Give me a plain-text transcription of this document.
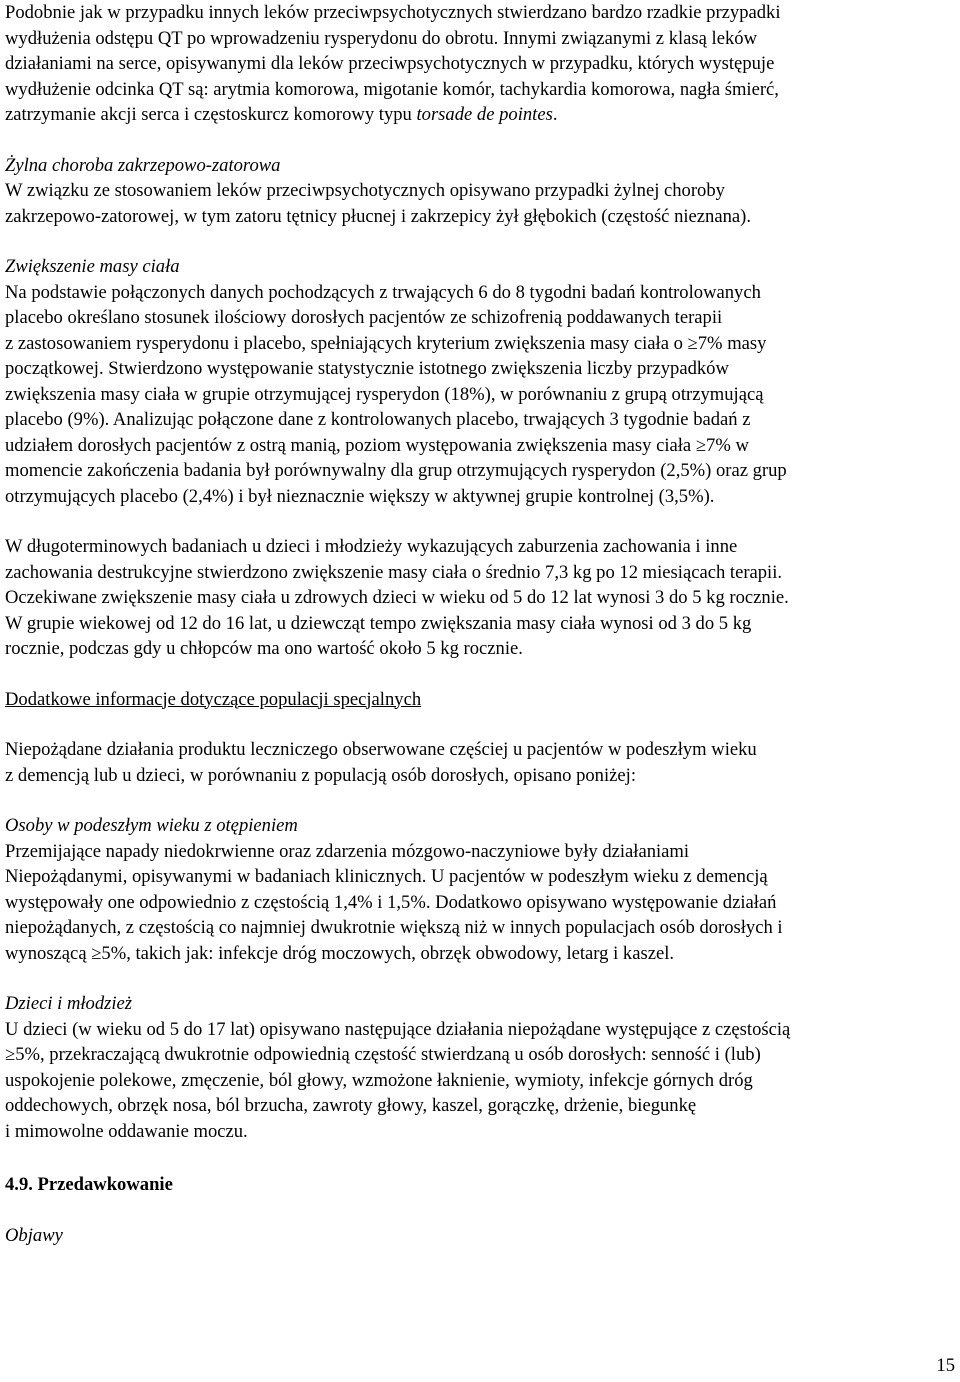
Podobnie jak w przypadku innych leków przeciwpsychotycznych stwierdzano bardzo rzadkie przypadki
wydłużenia odstępu QT po wprowadzeniu rysperydonu do obrotu. Innymi związanymi z klasą leków
działaniami na serce, opisywanymi dla leków przeciwpsychotycznych w przypadku, których występuje
wydłużenie odcinka QT są: arytmia komorowa, migotanie komór, tachykardia komorowa, nagła śmierć,
zatrzymanie akcji serca i częstoskurcz komorowy typu torsade de pointes.

Żylna choroba zakrzepowo-zatorowa

W związku ze stosowaniem leków przeciwpsychotycznych opisywano przypadki żylnej choroby
zakrzepowo-zatorowej, w tym zatoru tętnicy płucnej i zakrzepicy żył głębokich (częstość nieznana).

Zwiększenie masy ciała

Na podstawie połączonych danych pochodzących z trwających 6 do 8 tygodni badań kontrolowanych
placebo określano stosunek ilościowy dorosłych pacjentów ze schizofrenią poddawanych terapii
z zastosowaniem rysperydonu i placebo, spełniających kryterium zwiększenia masy ciała o ≥7% masy
początkowej. Stwierdzono występowanie statystycznie istotnego zwiększenia liczby przypadków
zwiększenia masy ciała w grupie otrzymującej rysperydon (18%), w porównaniu z grupą otrzymującą
placebo (9%). Analizując połączone dane z kontrolowanych placebo, trwających 3 tygodnie badań z
udziałem dorosłych pacjentów z ostrą manią, poziom występowania zwiększenia masy ciała ≥7% w
momencie zakończenia badania był porównywalny dla grup otrzymujących rysperydon (2,5%) oraz grup
otrzymujących placebo (2,4%) i był nieznacznie większy w aktywnej grupie kontrolnej (3,5%).

W długoterminowych badaniach u dzieci i młodzieży wykazujących zaburzenia zachowania i inne
zachowania destrukcyjne stwierdzono zwiększenie masy ciała o średnio 7,3 kg po 12 miesiącach terapii.
Oczekiwane zwiększenie masy ciała u zdrowych dzieci w wieku od 5 do 12 lat wynosi 3 do 5 kg rocznie.
W grupie wiekowej od 12 do 16 lat, u dziewcząt tempo zwiększania masy ciała wynosi od 3 do 5 kg
rocznie, podczas gdy u chłopców ma ono wartość około 5 kg rocznie.

Dodatkowe informacje dotyczące populacji specjalnych

Niepożądane działania produktu leczniczego obserwowane częściej u pacjentów w podeszłym wieku
z demencją lub u dzieci, w porównaniu z populacją osób dorosłych, opisano poniżej:

Osoby w podeszłym wieku z otępieniem

Przemijające napady niedokrwienne oraz zdarzenia mózgowo-naczyniowe były działaniami
Niepożądanymi, opisywanymi w badaniach klinicznych. U pacjentów w podeszłym wieku z demencją
występowały one odpowiednio z częstością 1,4% i 1,5%. Dodatkowo opisywano występowanie działań
niepożądanych, z częstością co najmniej dwukrotnie większą niż w innych populacjach osób dorosłych i
wynoszącą ≥5%, takich jak: infekcje dróg moczowych, obrzęk obwodowy, letarg i kaszel.

Dzieci i młodzież

U dzieci (w wieku od 5 do 17 lat) opisywano następujące działania niepożądane występujące z częstością
≥5%, przekraczającą dwukrotnie odpowiednią częstość stwierdzaną u osób dorosłych: senność i (lub)
uspokojenie polekowe, zmęczenie, ból głowy, wzmożone łaknienie, wymioty, infekcje górnych dróg
oddechowych, obrzęk nosa, ból brzucha, zawroty głowy, kaszel, gorączkę, drżenie, biegunkę
i mimowolne oddawanie moczu.

4.9. Przedawkowanie

Objawy

15
